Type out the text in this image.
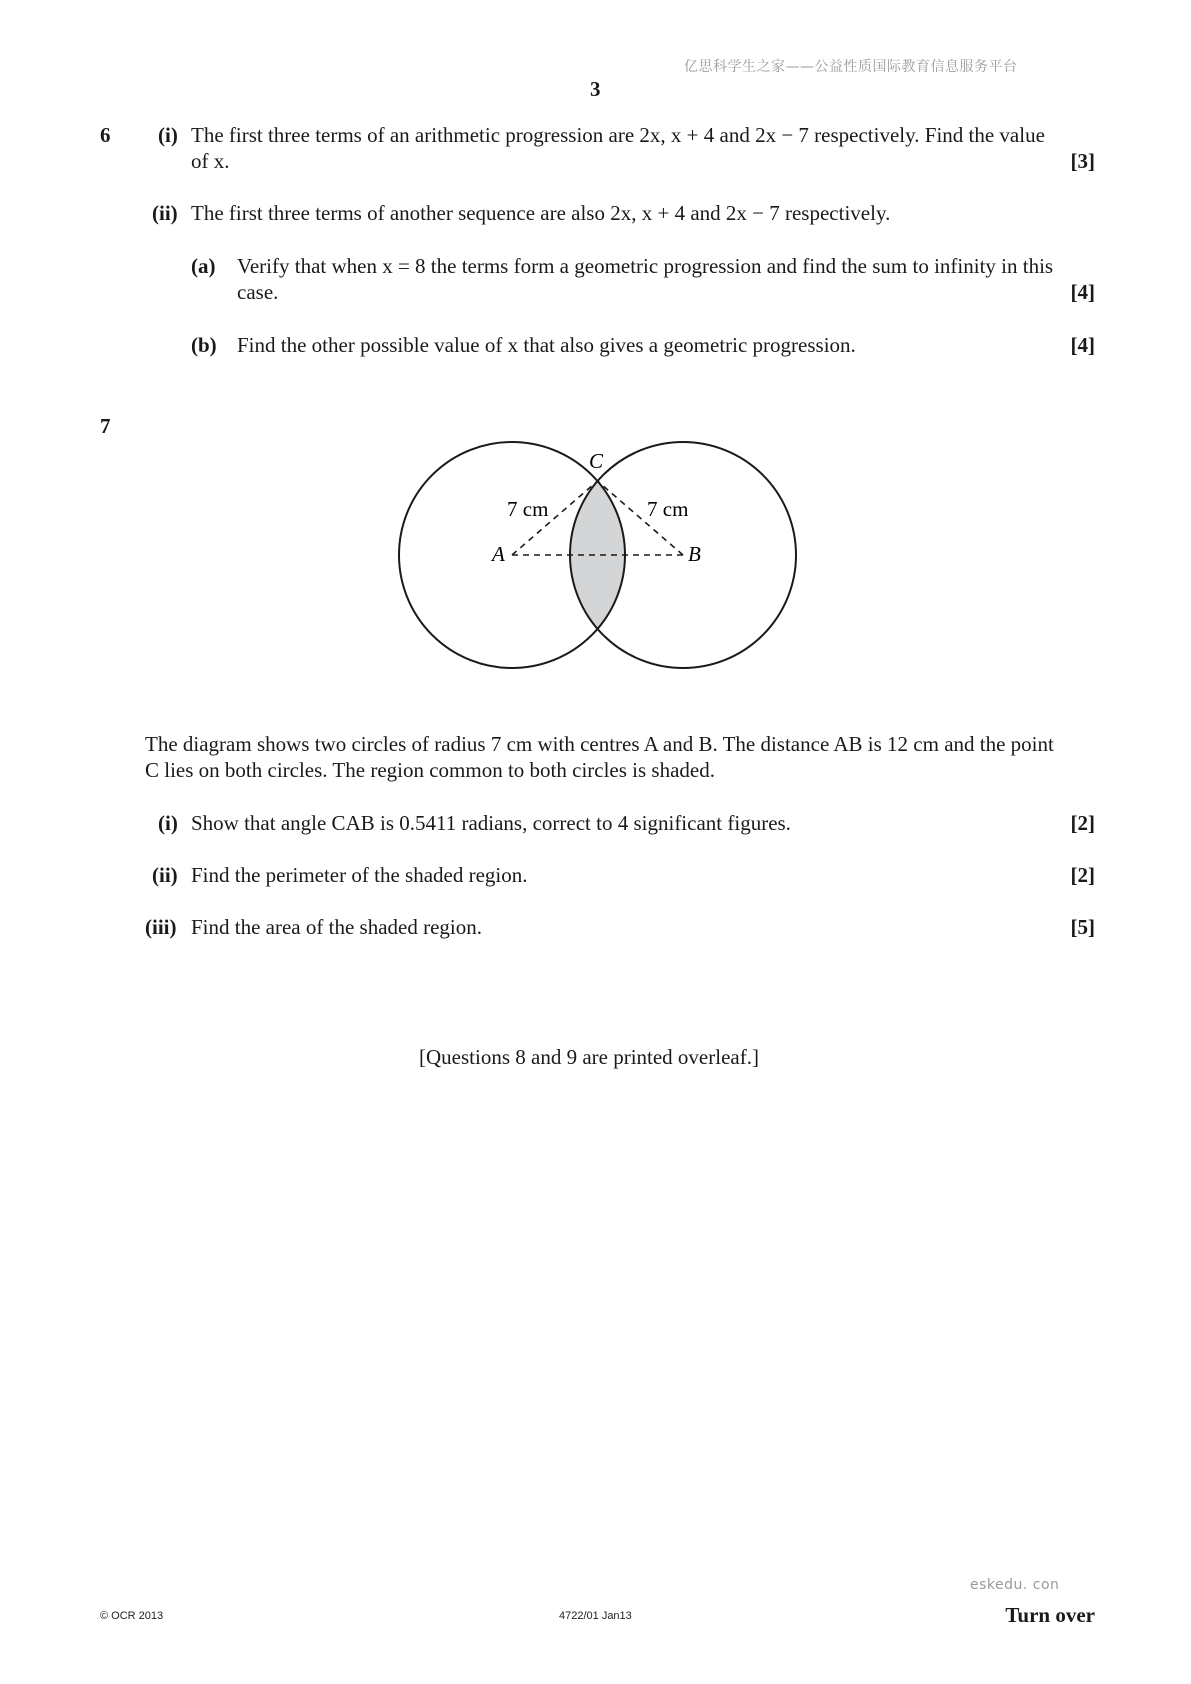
亿思科学生之家——公益性质国际教育信息服务平台
3
6 (i) The first three terms of an arithmetic progression are 2x, x + 4 and 2x − 7 respectively. Find the value
of x.	[3]
(ii) The first three terms of another sequence are also 2x, x + 4 and 2x − 7 respectively.
(a) Verify that when x = 8 the terms form a geometric progression and find the sum to infinity in this
case.	[4]
(b) Find the other possible value of x that also gives a geometric progression.	[4]
7
C
A	B
7 cm	7 cm
The diagram shows two circles of radius 7 cm with centres A and B. The distance AB is 12 cm and the point
C lies on both circles. The region common to both circles is shaded.
(i) Show that angle CAB is 0.5411 radians, correct to 4 significant figures.	[2]
(ii) Find the perimeter of the shaded region.	[2]
(iii) Find the area of the shaded region.	[5]
[Questions 8 and 9 are printed overleaf.]
eskedu. con
© OCR 2013	4722/01 Jan13	Turn over
